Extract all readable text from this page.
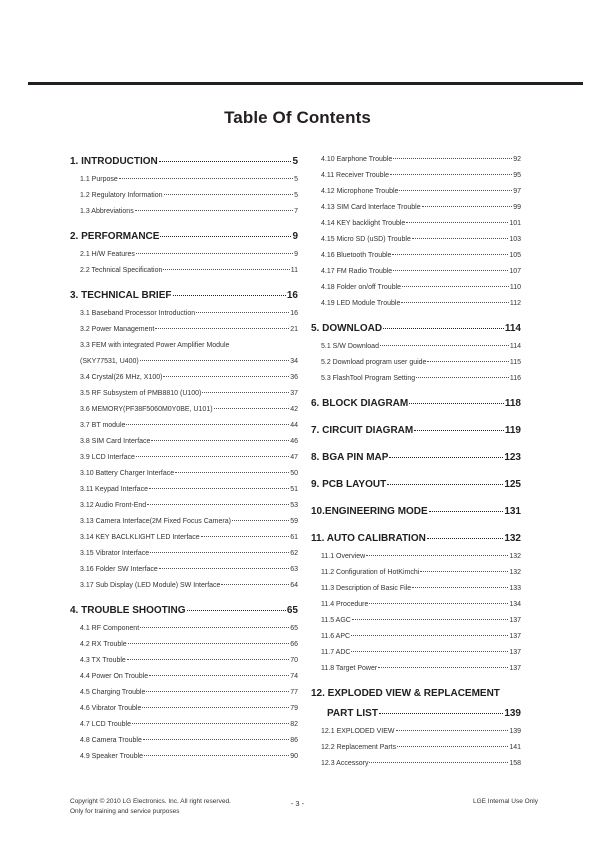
Table Of Contents
1. INTRODUCTION	5
1.1 Purpose	5
1.2 Regulatory Information	5
1.3 Abbreviations	7
2. PERFORMANCE	9
2.1 H/W Features	9
2.2 Technical Specification	11
3. TECHNICAL BRIEF	16
3.1 Baseband Processor Introduction	16
3.2 Power Management	21
3.3 FEM with integrated Power Amplifier Module
(SKY77531, U400)	34
3.4 Crystal(26 MHz, X100)	36
3.5 RF Subsystem of PMB8810 (U100)	37
3.6 MEMORY(PF38F5060M0Y0BE, U101)	42
3.7 BT module	44
3.8 SIM Card Interface	46
3.9 LCD Interface	47
3.10 Battery Charger Interface	50
3.11 Keypad Interface	51
3.12 Audio Front-End	53
3.13 Camera Interface(2M Fixed Focus Camera)	59
3.14 KEY BACLKLIGHT LED Interface	61
3.15 Vibrator Interface	62
3.16 Folder SW Interface	63
3.17 Sub Display (LED Module) SW Interface	64
4. TROUBLE SHOOTING	65
4.1 RF Component	65
4.2 RX Trouble	66
4.3 TX Trouble	70
4.4 Power On Trouble	74
4.5 Charging Trouble	77
4.6 Vibrator Trouble	79
4.7 LCD Trouble	82
4.8 Camera Trouble	86
4.9 Speaker Trouble	90
4.10 Earphone Trouble	92
4.11 Receiver Trouble	95
4.12 Microphone Trouble	97
4.13 SIM Card Interface Trouble	99
4.14 KEY backlight Trouble	101
4.15 Micro SD (uSD) Trouble	103
4.16 Bluetooth Trouble	105
4.17 FM Radio Trouble	107
4.18 Folder on/off Trouble	110
4.19 LED Module Trouble	112
5. DOWNLOAD	114
5.1 S/W Download	114
5.2 Download program user guide	115
5.3 FlashTool Program Setting	116
6. BLOCK DIAGRAM	118
7. CIRCUIT DIAGRAM	119
8. BGA PIN MAP	123
9. PCB LAYOUT	125
10.ENGINEERING MODE	131
11. AUTO CALIBRATION	132
11.1 Overview	132
11.2 Configuration of HotKimchi	132
11.3 Description of Basic File	133
11.4 Procedure	134
11.5 AGC	137
11.6 APC	137
11.7 ADC	137
11.8 Target Power	137
12. EXPLODED VIEW & REPLACEMENT
PART LIST	139
12.1 EXPLODED VIEW	139
12.2 Replacement Parts	141
12.3 Accessory	158
Copyright © 2010 LG Electronics. Inc. All right reserved.
Only for training and service purposes
- 3 -	LGE Internal Use Only
